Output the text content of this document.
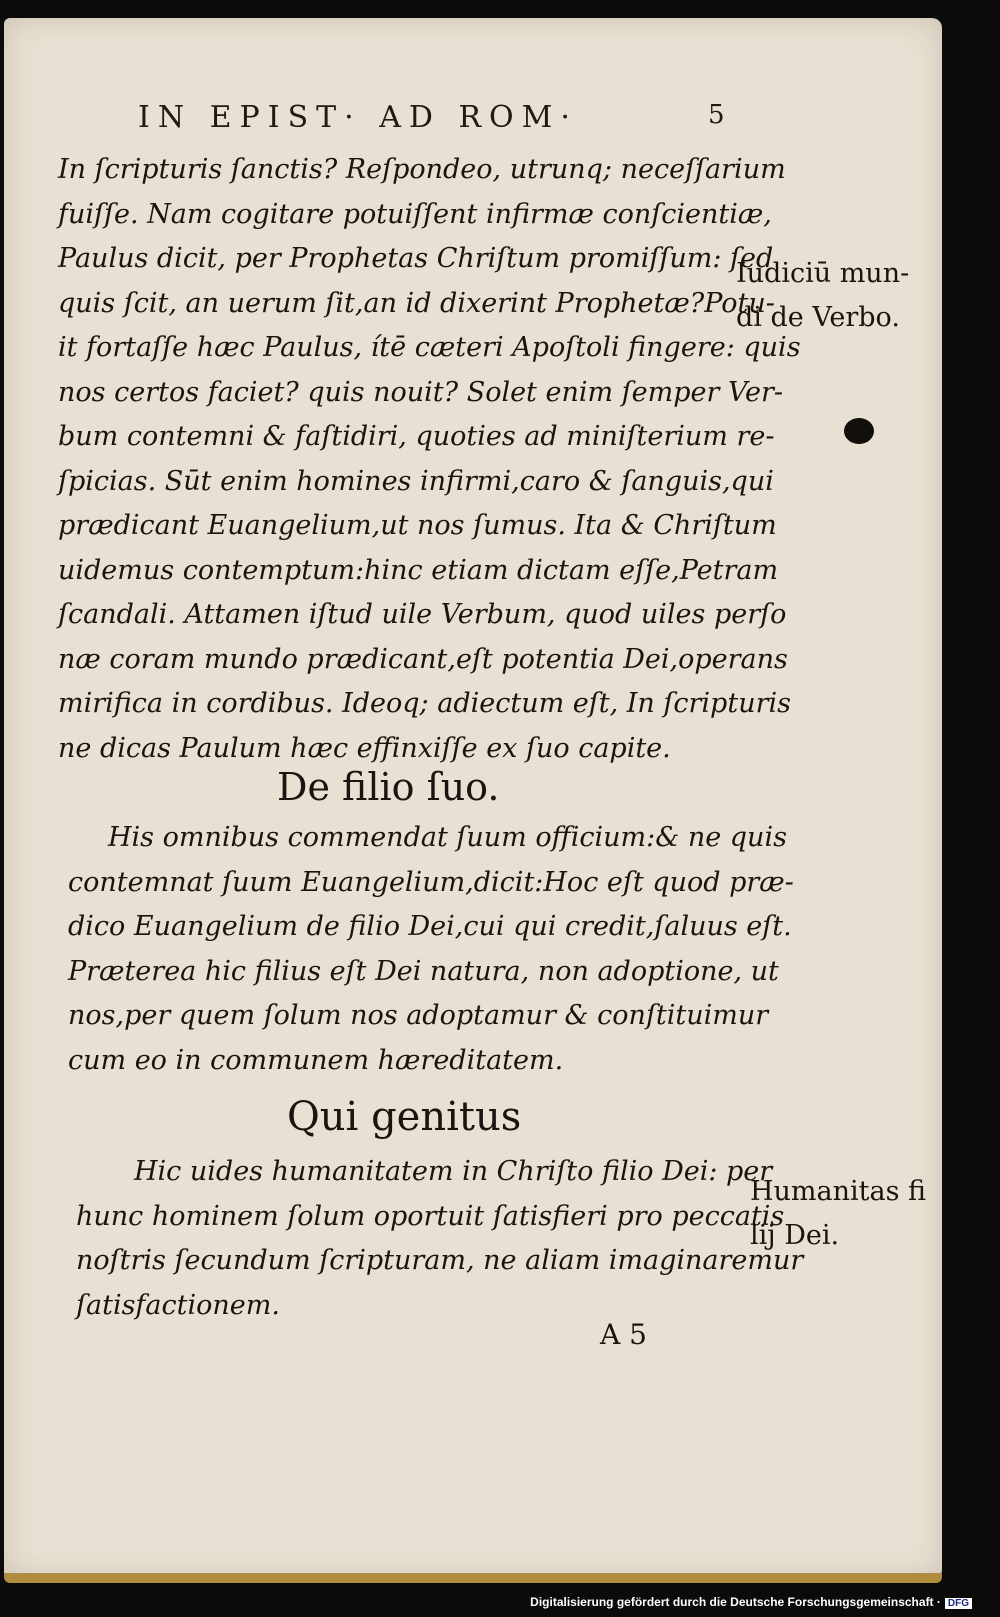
IN EPIST· AD ROM·	5
In ſcripturis ſanctis? Reſpondeo, utrunq; neceſſarium
fuiſſe. Nam cogitare potuiſſent infirmæ conſcientiæ,
Paulus dicit, per Prophetas Chriſtum promiſſum: ſed
quis ſcit, an uerum ſit,an id dixerint Prophetæ?Potu-
it fortaſſe hæc Paulus, ítē cæteri Apoſtoli fingere: quis
nos certos faciet? quis nouit? Solet enim ſemper Ver-
bum contemni & faſtidiri, quoties ad miniſterium re-
ſpicias. Sūt enim homines infirmi,caro & ſanguis,qui
prædicant Euangelium,ut nos ſumus. Ita & Chriſtum
uidemus contemptum:hinc etiam dictam eſſe,Petram
ſcandali. Attamen iſtud uile Verbum, quod uiles perſo
næ coram mundo prædicant,eſt potentia Dei,operans
mirifica in cordibus. Ideoq; adiectum eſt, In ſcripturis
ne dicas Paulum hæc effinxiſſe ex ſuo capite.
De filio ſuo.
His omnibus commendat ſuum officium:& ne quis
contemnat ſuum Euangelium,dicit:Hoc eſt quod præ-
dico Euangelium de filio Dei,cui qui credit,ſaluus eſt.
Præterea hic filius eſt Dei natura, non adoptione, ut
nos,per quem ſolum nos adoptamur & conſtituimur
cum eo in communem hæreditatem.
Qui genitus
Hic uides humanitatem in Chriſto filio Dei: per
hunc hominem ſolum oportuit ſatisfieri pro peccatis
noſtris ſecundum ſcripturam, ne aliam imaginaremur
ſatisfactionem.
Iudiciū mun-
di de Verbo.
Humanitas fi
lij Dei.
A 5
Digitalisierung gefördert durch die Deutsche Forschungsgemeinschaft · DFG
